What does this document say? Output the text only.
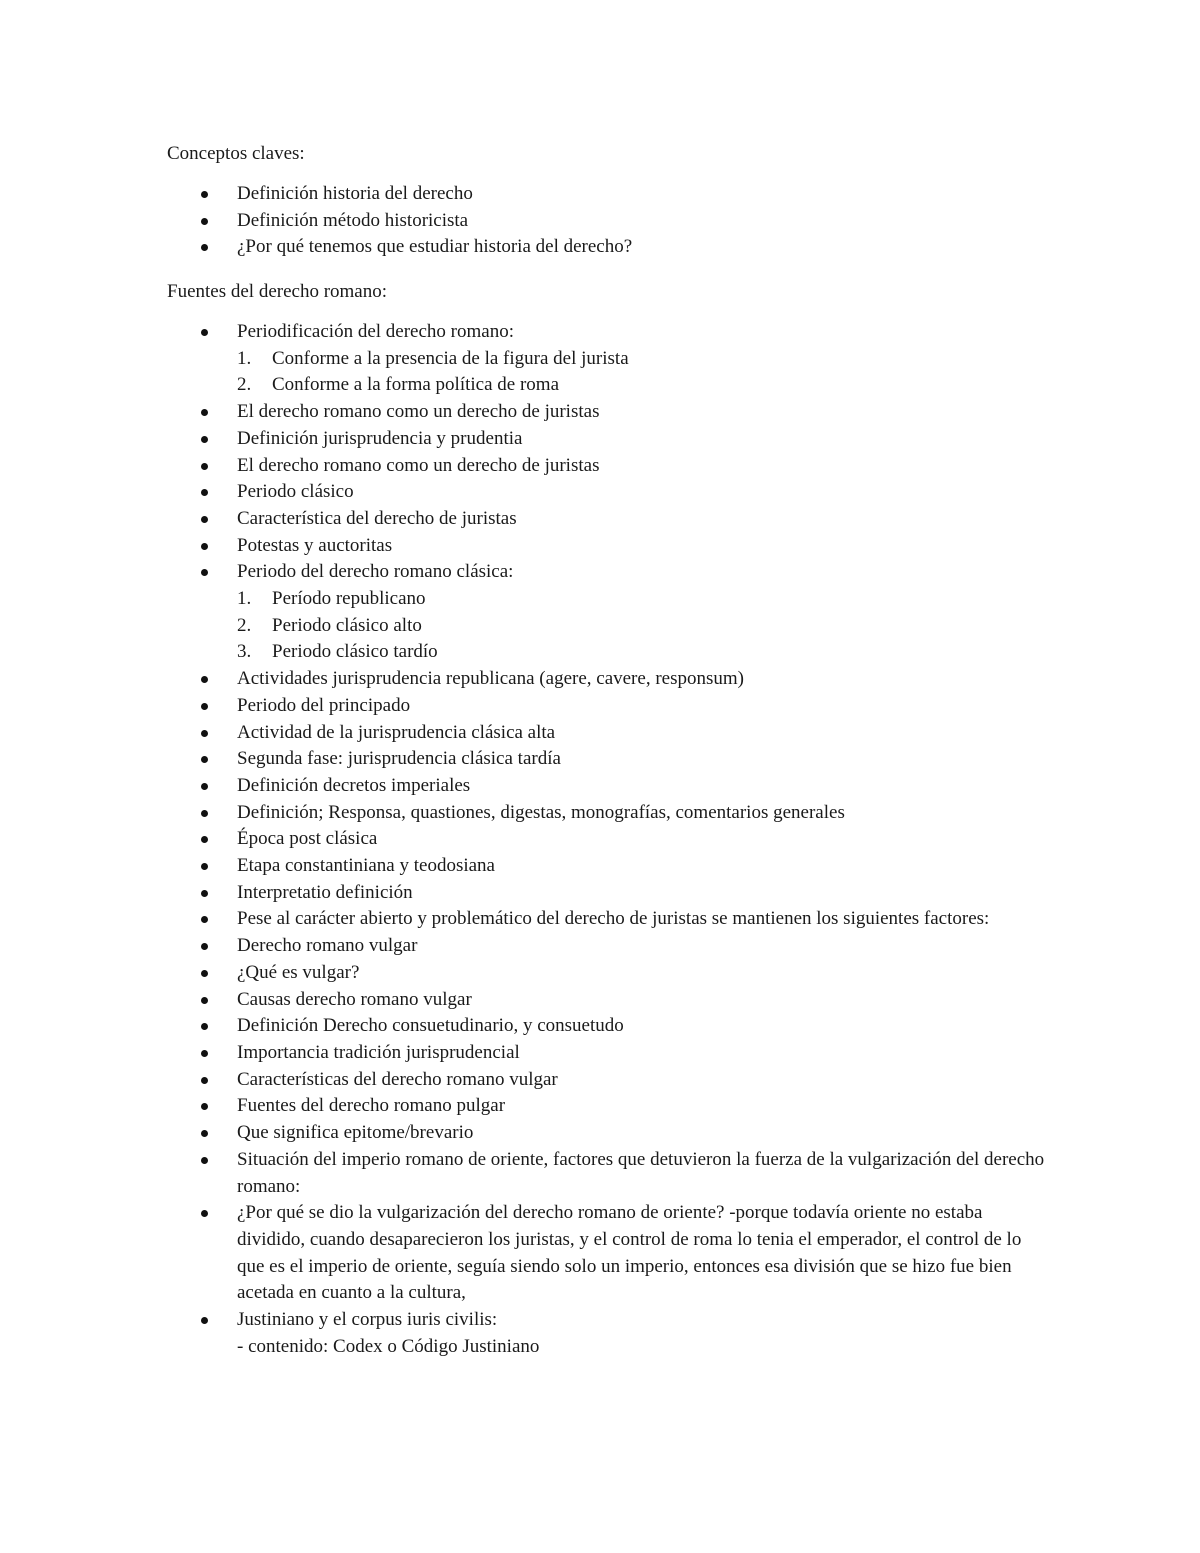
Conceptos claves:
Definición historia del derecho
Definición método historicista
¿Por qué tenemos que estudiar historia del derecho?
Fuentes del derecho romano:
Periodificación del derecho romano:
1. Conforme a la presencia de la figura del jurista
2. Conforme a la forma política de roma
El derecho romano como un derecho de juristas
Definición jurisprudencia y prudentia
El derecho romano como un derecho de juristas
Periodo clásico
Característica del derecho de juristas
Potestas y auctoritas
Periodo del derecho romano clásica:
1. Período republicano
2. Periodo clásico alto
3. Periodo clásico tardío
Actividades jurisprudencia republicana (agere, cavere, responsum)
Periodo del principado
Actividad de la jurisprudencia clásica alta
Segunda fase: jurisprudencia clásica tardía
Definición decretos imperiales
Definición; Responsa, quastiones, digestas, monografías, comentarios generales
Época post clásica
Etapa constantiniana y teodosiana
Interpretatio definición
Pese al carácter abierto y problemático del derecho de juristas se mantienen los siguientes factores:
Derecho romano vulgar
¿Qué es vulgar?
Causas derecho romano vulgar
Definición Derecho consuetudinario, y consuetudo
Importancia tradición jurisprudencial
Características del derecho romano vulgar
Fuentes del derecho romano pulgar
Que significa epitome/brevario
Situación del imperio romano de oriente, factores que detuvieron la fuerza de la vulgarización del derecho romano:
¿Por qué se dio la vulgarización del derecho romano de oriente? -porque todavía oriente no estaba dividido, cuando desaparecieron los juristas, y el control de roma lo tenia el emperador, el control de lo que es el imperio de oriente, seguía siendo solo un imperio, entonces esa división que se hizo fue bien acetada en cuanto a la cultura,
Justiniano y el corpus iuris civilis:
- contenido: Codex o Código Justiniano
